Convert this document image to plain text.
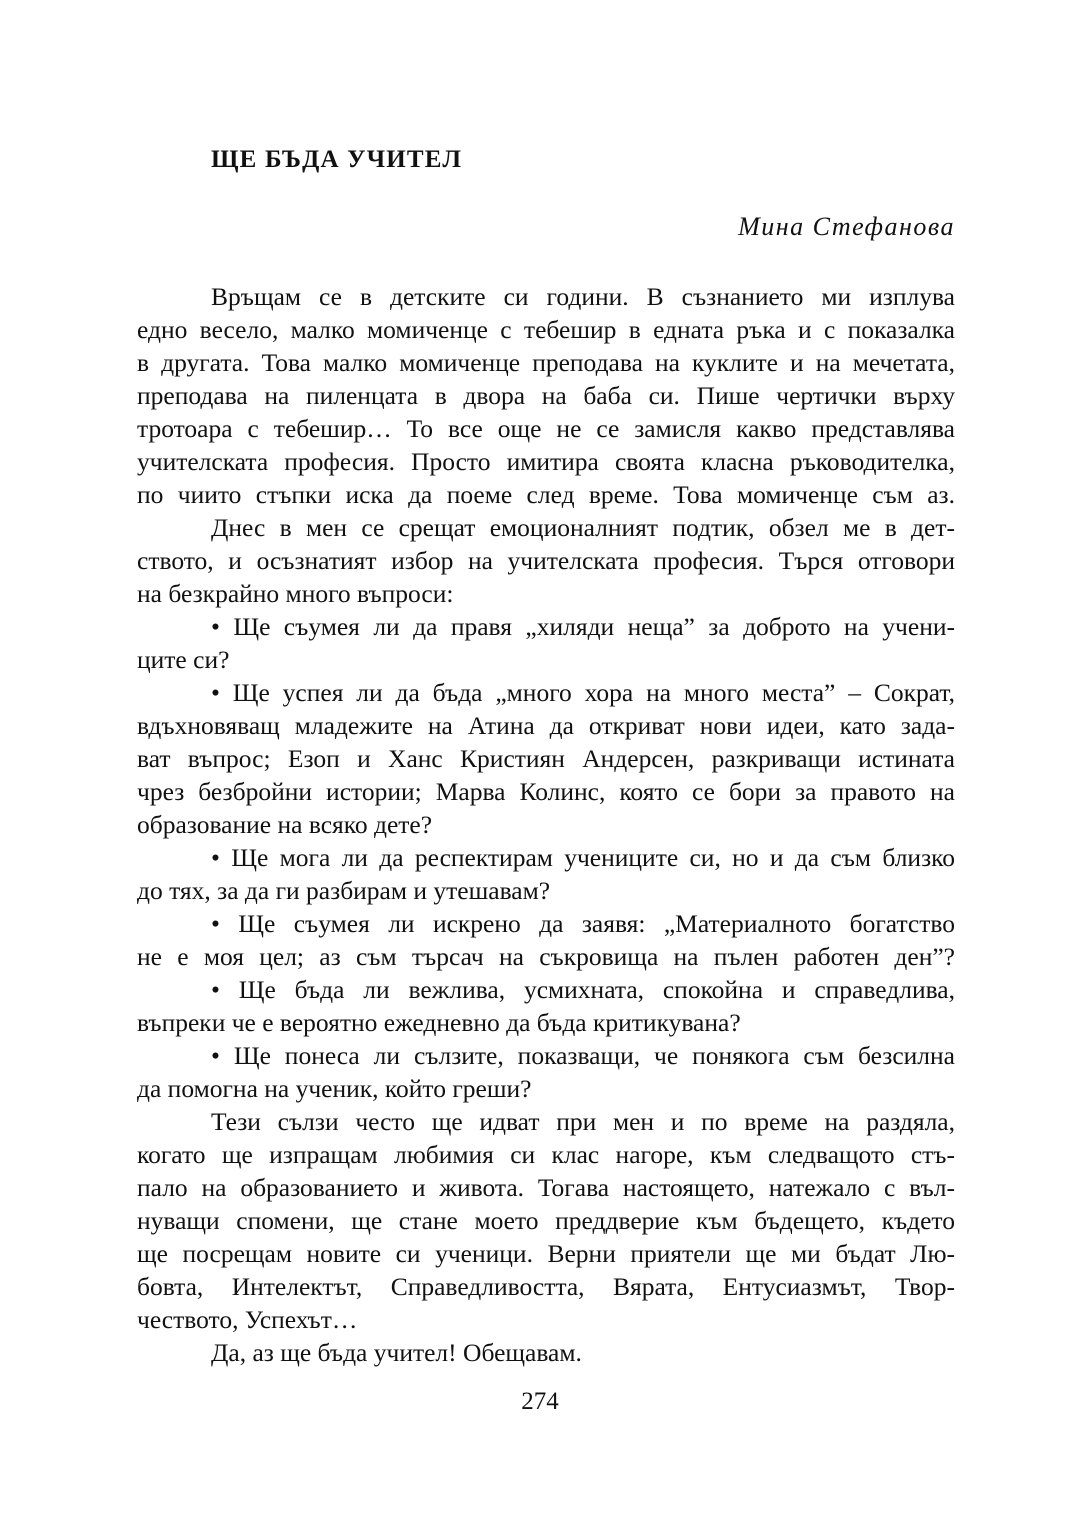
ЩЕ БЪДА УЧИТЕЛ
Мина Стефанова
Връщам се в детските си години. В съзнанието ми изплува
едно весело, малко момиченце с тебешир в едната ръка и с показалка
в другата. Това малко момиченце преподава на куклите и на мечетата,
преподава на пиленцата в двора на баба си. Пише чертички върху
тротоара с тебешир… То все още не се замисля какво представлява
учителската професия. Просто имитира своята класна ръководителка,
по чиито стъпки иска да поеме след време. Това момиченце съм аз.
Днес в мен се срещат емоционалният подтик, обзел ме в дет-
ството, и осъзнатият избор на учителската професия. Търся отговори
на безкрайно много въпроси:
• Ще съумея ли да правя „хиляди неща” за доброто на учени-
ците си?
• Ще успея ли да бъда „много хора на много места” – Сократ,
вдъхновяващ младежите на Атина да откриват нови идеи, като зада-
ват въпрос; Езоп и Ханс Кристиян Андерсен, разкриващи истината
чрез безбройни истории; Марва Колинс, която се бори за правото на
образование на всяко дете?
• Ще мога ли да респектирам учениците си, но и да съм близко
до тях, за да ги разбирам и утешавам?
• Ще съумея ли искрено да заявя: „Материалното богатство
не е моя цел; аз съм търсач на съкровища на пълен работен ден”?
• Ще бъда ли вежлива, усмихната, спокойна и справедлива,
въпреки че е вероятно ежедневно да бъда критикувана?
• Ще понеса ли сълзите, показващи, че понякога съм безсилна
да помогна на ученик, който греши?
Тези сълзи често ще идват при мен и по време на раздяла,
когато ще изпращам любимия си клас нагоре, към следващото стъ-
пало на образованието и живота. Тогава настоящето, натежало с въл-
нуващи спомени, ще стане моето преддверие към бъдещето, където
ще посрещам новите си ученици. Верни приятели ще ми бъдат Лю-
бовта, Интелектът, Справедливостта, Вярата, Ентусиазмът, Твор-
чеството, Успехът…
Да, аз ще бъда учител! Обещавам.
274
